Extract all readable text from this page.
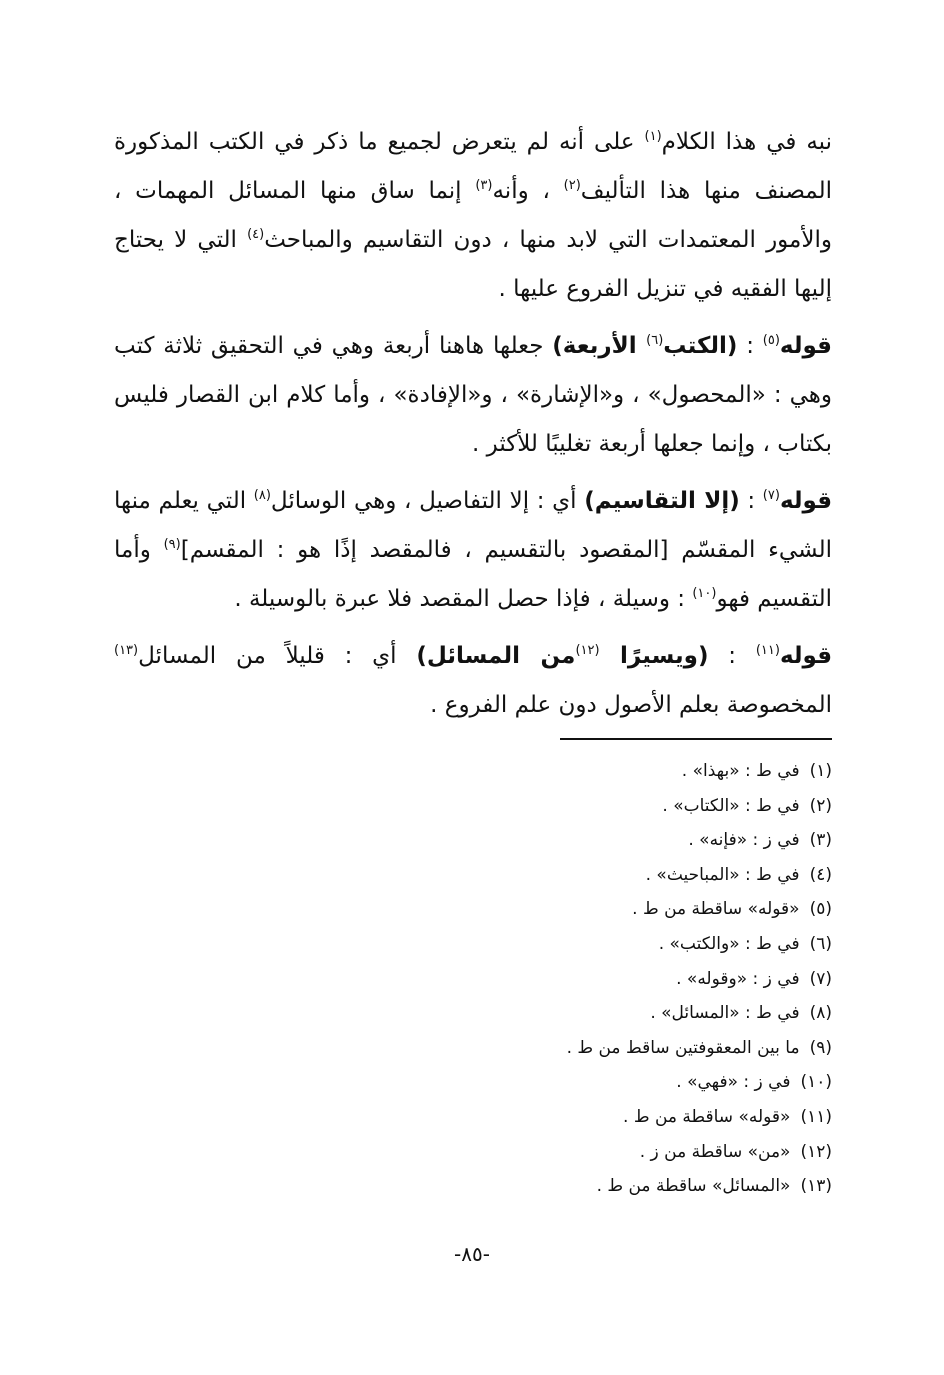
نبه في هذا الكلام$^{(١)}$ على أنه لم يتعرض لجميع ما ذكر في الكتب المذكورة المصنف منها هذا التأليف$^{(٢)}$ ، وأنه$^{(٣)}$ إنما ساق منها المسائل المهمات ، والأمور المعتمدات التي لابد منها ، دون التقاسيم والمباحث$^{(٤)}$ التي لا يحتاج إليها الفقيه في تنزيل الفروع عليها .

قوله$^{(٥)}$ : (الكتب$^{(٦)}$ الأربعة) جعلها هاهنا أربعة وهي في التحقيق ثلاثة كتب وهي : «المحصول» ، و«الإشارة» ، و«الإفادة» ، وأما كلام ابن القصار فليس بكتاب ، وإنما جعلها أربعة تغليبًا للأكثر .

قوله$^{(٧)}$ : (إلا التقاسيم) أي : إلا التفاصيل ، وهي الوسائل$^{(٨)}$ التي يعلم منها الشيء المقسّم [المقصود بالتقسيم ، فالمقصد إذًا هو : المقسم]$^{(٩)}$ وأما التقسيم فهو$^{(١٠)}$ : وسيلة ، فإذا حصل المقصد فلا عبرة بالوسيلة .

قوله$^{(١١)}$ : (ويسيرًا $^{(١٢)}$من المسائل) أي : قليلاً من المسائل$^{(١٣)}$ المخصوصة بعلم الأصول دون علم الفروع .

(١)في ط : «بهذا» .
(٢)في ط : «الكتاب» .
(٣)في ز : «فإنه» .
(٤)في ط : «المباحيث» .
(٥)«قوله» ساقطة من ط .
(٦)في ط : «والكتب» .
(٧)في ز : «وقوله» .
(٨)في ط : «المسائل» .
(٩)ما بين المعقوفتين ساقط من ط .
(١٠)في ز : «فهي» .
(١١)«قوله» ساقطة من ط .
(١٢)«من» ساقطة من ز .
(١٣)«المسائل» ساقطة من ط .
-٨٥-
